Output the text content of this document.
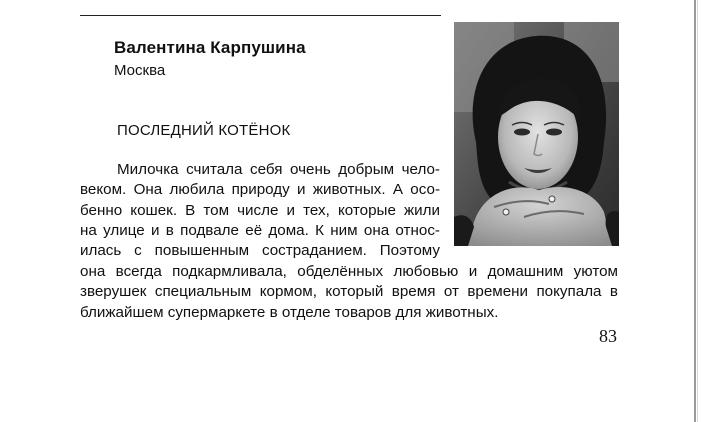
Валентина Карпушина
Москва
ПОСЛЕДНИЙ КОТЁНОК
Милочка считала себя очень добрым чело-
веком. Она любила природу и животных. А осо-
бенно кошек. В том числе и тех, которые жили
на улице и в подвале её дома. К ним она относ-
илась с повышенным состраданием. Поэтому
она всегда подкармливала, обделённых любовью и домашним уютом
зверушек специальным кормом, который время от времени покупала в
ближайшем супермаркете в отделе товаров для животных.
83
